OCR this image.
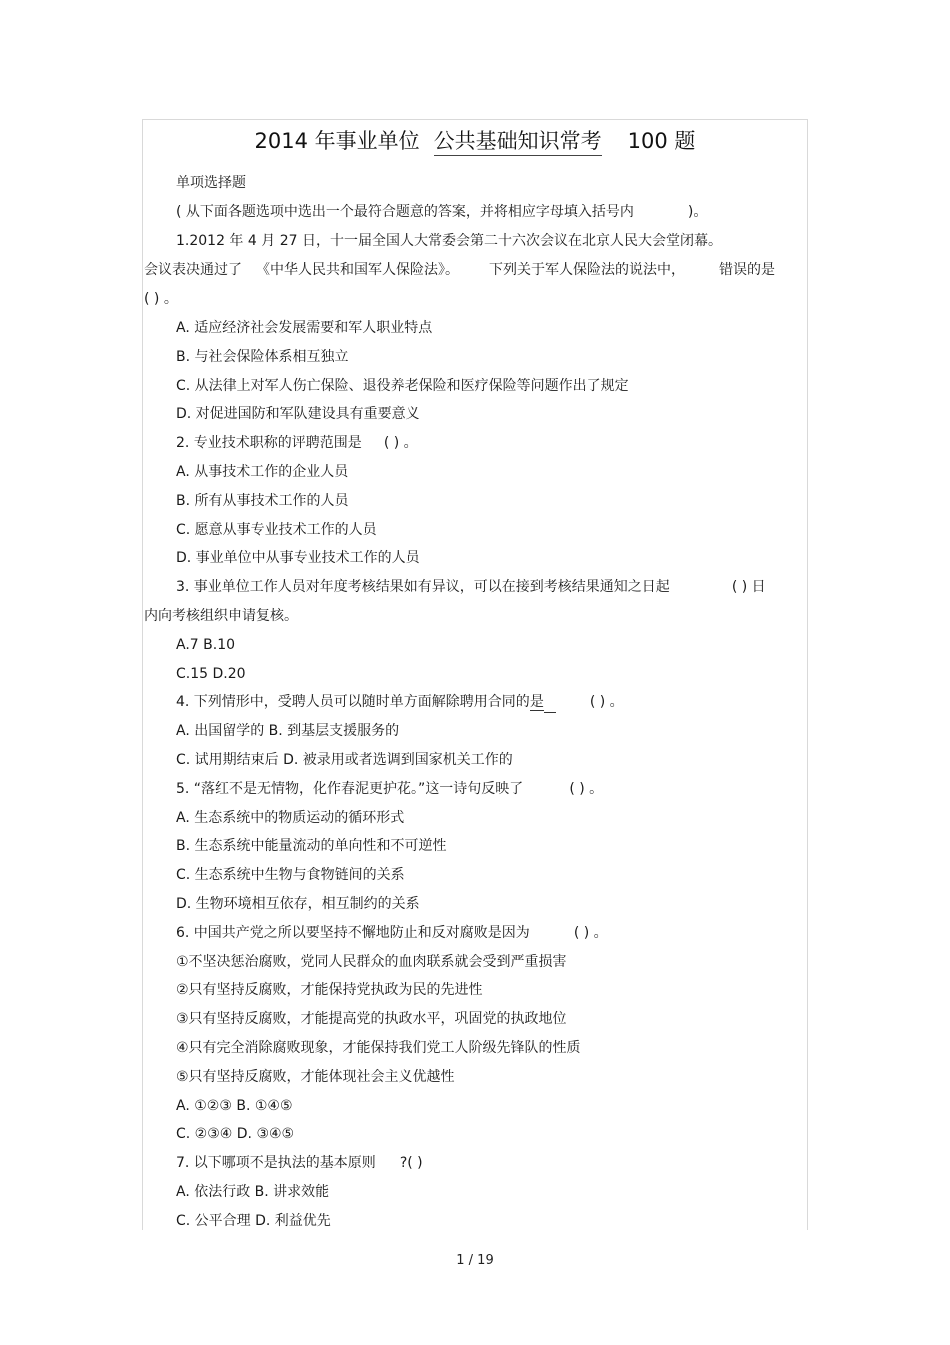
2014 年事业单位 公共基础知识常考 100 题
单项选择题
( 从下面各题选项中选出一个最符合题意的答案，并将相应字母填入括号内	)。
1.2012 年 4 月 27 日，十一届全国人大常委会第二十六次会议在北京人民大会堂闭幕。
会议表决通过了 《中华人民共和国军人保险法》。 下列关于军人保险法的说法中， 错误的是
( ) 。
A. 适应经济社会发展需要和军人职业特点
B. 与社会保险体系相互独立
C. 从法律上对军人伤亡保险、退役养老保险和医疗保险等问题作出了规定
D. 对促进国防和军队建设具有重要意义
2. 专业技术职称的评聘范围是 ( ) 。
A. 从事技术工作的企业人员
B. 所有从事技术工作的人员
C. 愿意从事专业技术工作的人员
D. 事业单位中从事专业技术工作的人员
3. 事业单位工作人员对年度考核结果如有异议，可以在接到考核结果通知之日起	( ) 日
内向考核组织申请复核。
A.7 B.10
C.15 D.20
4. 下列情形中，受聘人员可以随时单方面解除聘用合同的是	( ) 。
A. 出国留学的 B. 到基层支援服务的
C. 试用期结束后 D. 被录用或者选调到国家机关工作的
5. “落红不是无情物，化作春泥更护花。”这一诗句反映了	( ) 。
A. 生态系统中的物质运动的循环形式
B. 生态系统中能量流动的单向性和不可逆性
C. 生态系统中生物与食物链间的关系
D. 生物环境相互依存，相互制约的关系
6. 中国共产党之所以要坚持不懈地防止和反对腐败是因为	( ) 。
①不坚决惩治腐败，党同人民群众的血肉联系就会受到严重损害
②只有坚持反腐败，才能保持党执政为民的先进性
③只有坚持反腐败，才能提高党的执政水平，巩固党的执政地位
④只有完全消除腐败现象，才能保持我们党工人阶级先锋队的性质
⑤只有坚持反腐败，才能体现社会主义优越性
A. ①②③ B. ①④⑤
C. ②③④ D. ③④⑤
7. 以下哪项不是执法的基本原则 ?( )
A. 依法行政 B. 讲求效能
C. 公平合理 D. 利益优先
1 / 19
